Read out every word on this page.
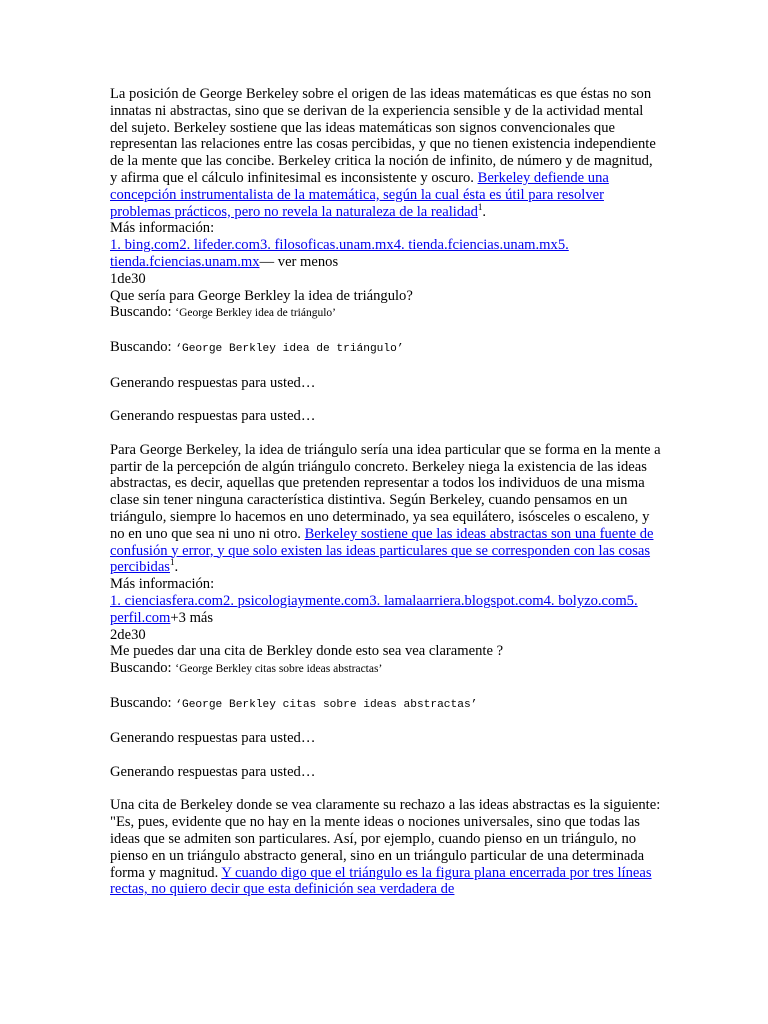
La posición de George Berkeley sobre el origen de las ideas matemáticas es que éstas no son innatas ni abstractas, sino que se derivan de la experiencia sensible y de la actividad mental del sujeto. Berkeley sostiene que las ideas matemáticas son signos convencionales que representan las relaciones entre las cosas percibidas, y que no tienen existencia independiente de la mente que las concibe. Berkeley critica la noción de infinito, de número y de magnitud, y afirma que el cálculo infinitesimal es inconsistente y oscuro. Berkeley defiende una concepción instrumentalista de la matemática, según la cual ésta es útil para resolver problemas prácticos, pero no revela la naturaleza de la realidad$^1$.

Más información:
1. bing.com2. lifeder.com3. filosoficas.unam.mx4. tienda.fciencias.unam.mx5. tienda.fciencias.unam.mx— ver menos
1de30
Que sería para George Berkley la idea de triángulo?
Buscando: ‘George Berkley idea de triángulo’
Buscando: ‘George Berkley idea de triángulo’
Generando respuestas para usted…
Generando respuestas para usted…

Para George Berkeley, la idea de triángulo sería una idea particular que se forma en la mente a partir de la percepción de algún triángulo concreto. Berkeley niega la existencia de las ideas abstractas, es decir, aquellas que pretenden representar a todos los individuos de una misma clase sin tener ninguna característica distintiva. Según Berkeley, cuando pensamos en un triángulo, siempre lo hacemos en uno determinado, ya sea equilátero, isósceles o escaleno, y no en uno que sea ni uno ni otro. Berkeley sostiene que las ideas abstractas son una fuente de confusión y error, y que solo existen las ideas particulares que se corresponden con las cosas percibidas$^1$.

Más información:
1. cienciasfera.com2. psicologiaymente.com3. lamalaarriera.blogspot.com4. bolyzo.com5. perfil.com+3 más
2de30
Me puedes dar una cita de Berkley donde esto sea vea claramente ?
Buscando: ‘George Berkley citas sobre ideas abstractas’
Buscando: ‘George Berkley citas sobre ideas abstractas’
Generando respuestas para usted…
Generando respuestas para usted…
Una cita de Berkeley donde se vea claramente su rechazo a las ideas abstractas es la siguiente:

"Es, pues, evidente que no hay en la mente ideas o nociones universales, sino que todas las ideas que se admiten son particulares. Así, por ejemplo, cuando pienso en un triángulo, no pienso en un triángulo abstracto general, sino en un triángulo particular de una determinada forma y magnitud. Y cuando digo que el triángulo es la figura plana encerrada por tres líneas rectas, no quiero decir que esta definición sea verdadera de
